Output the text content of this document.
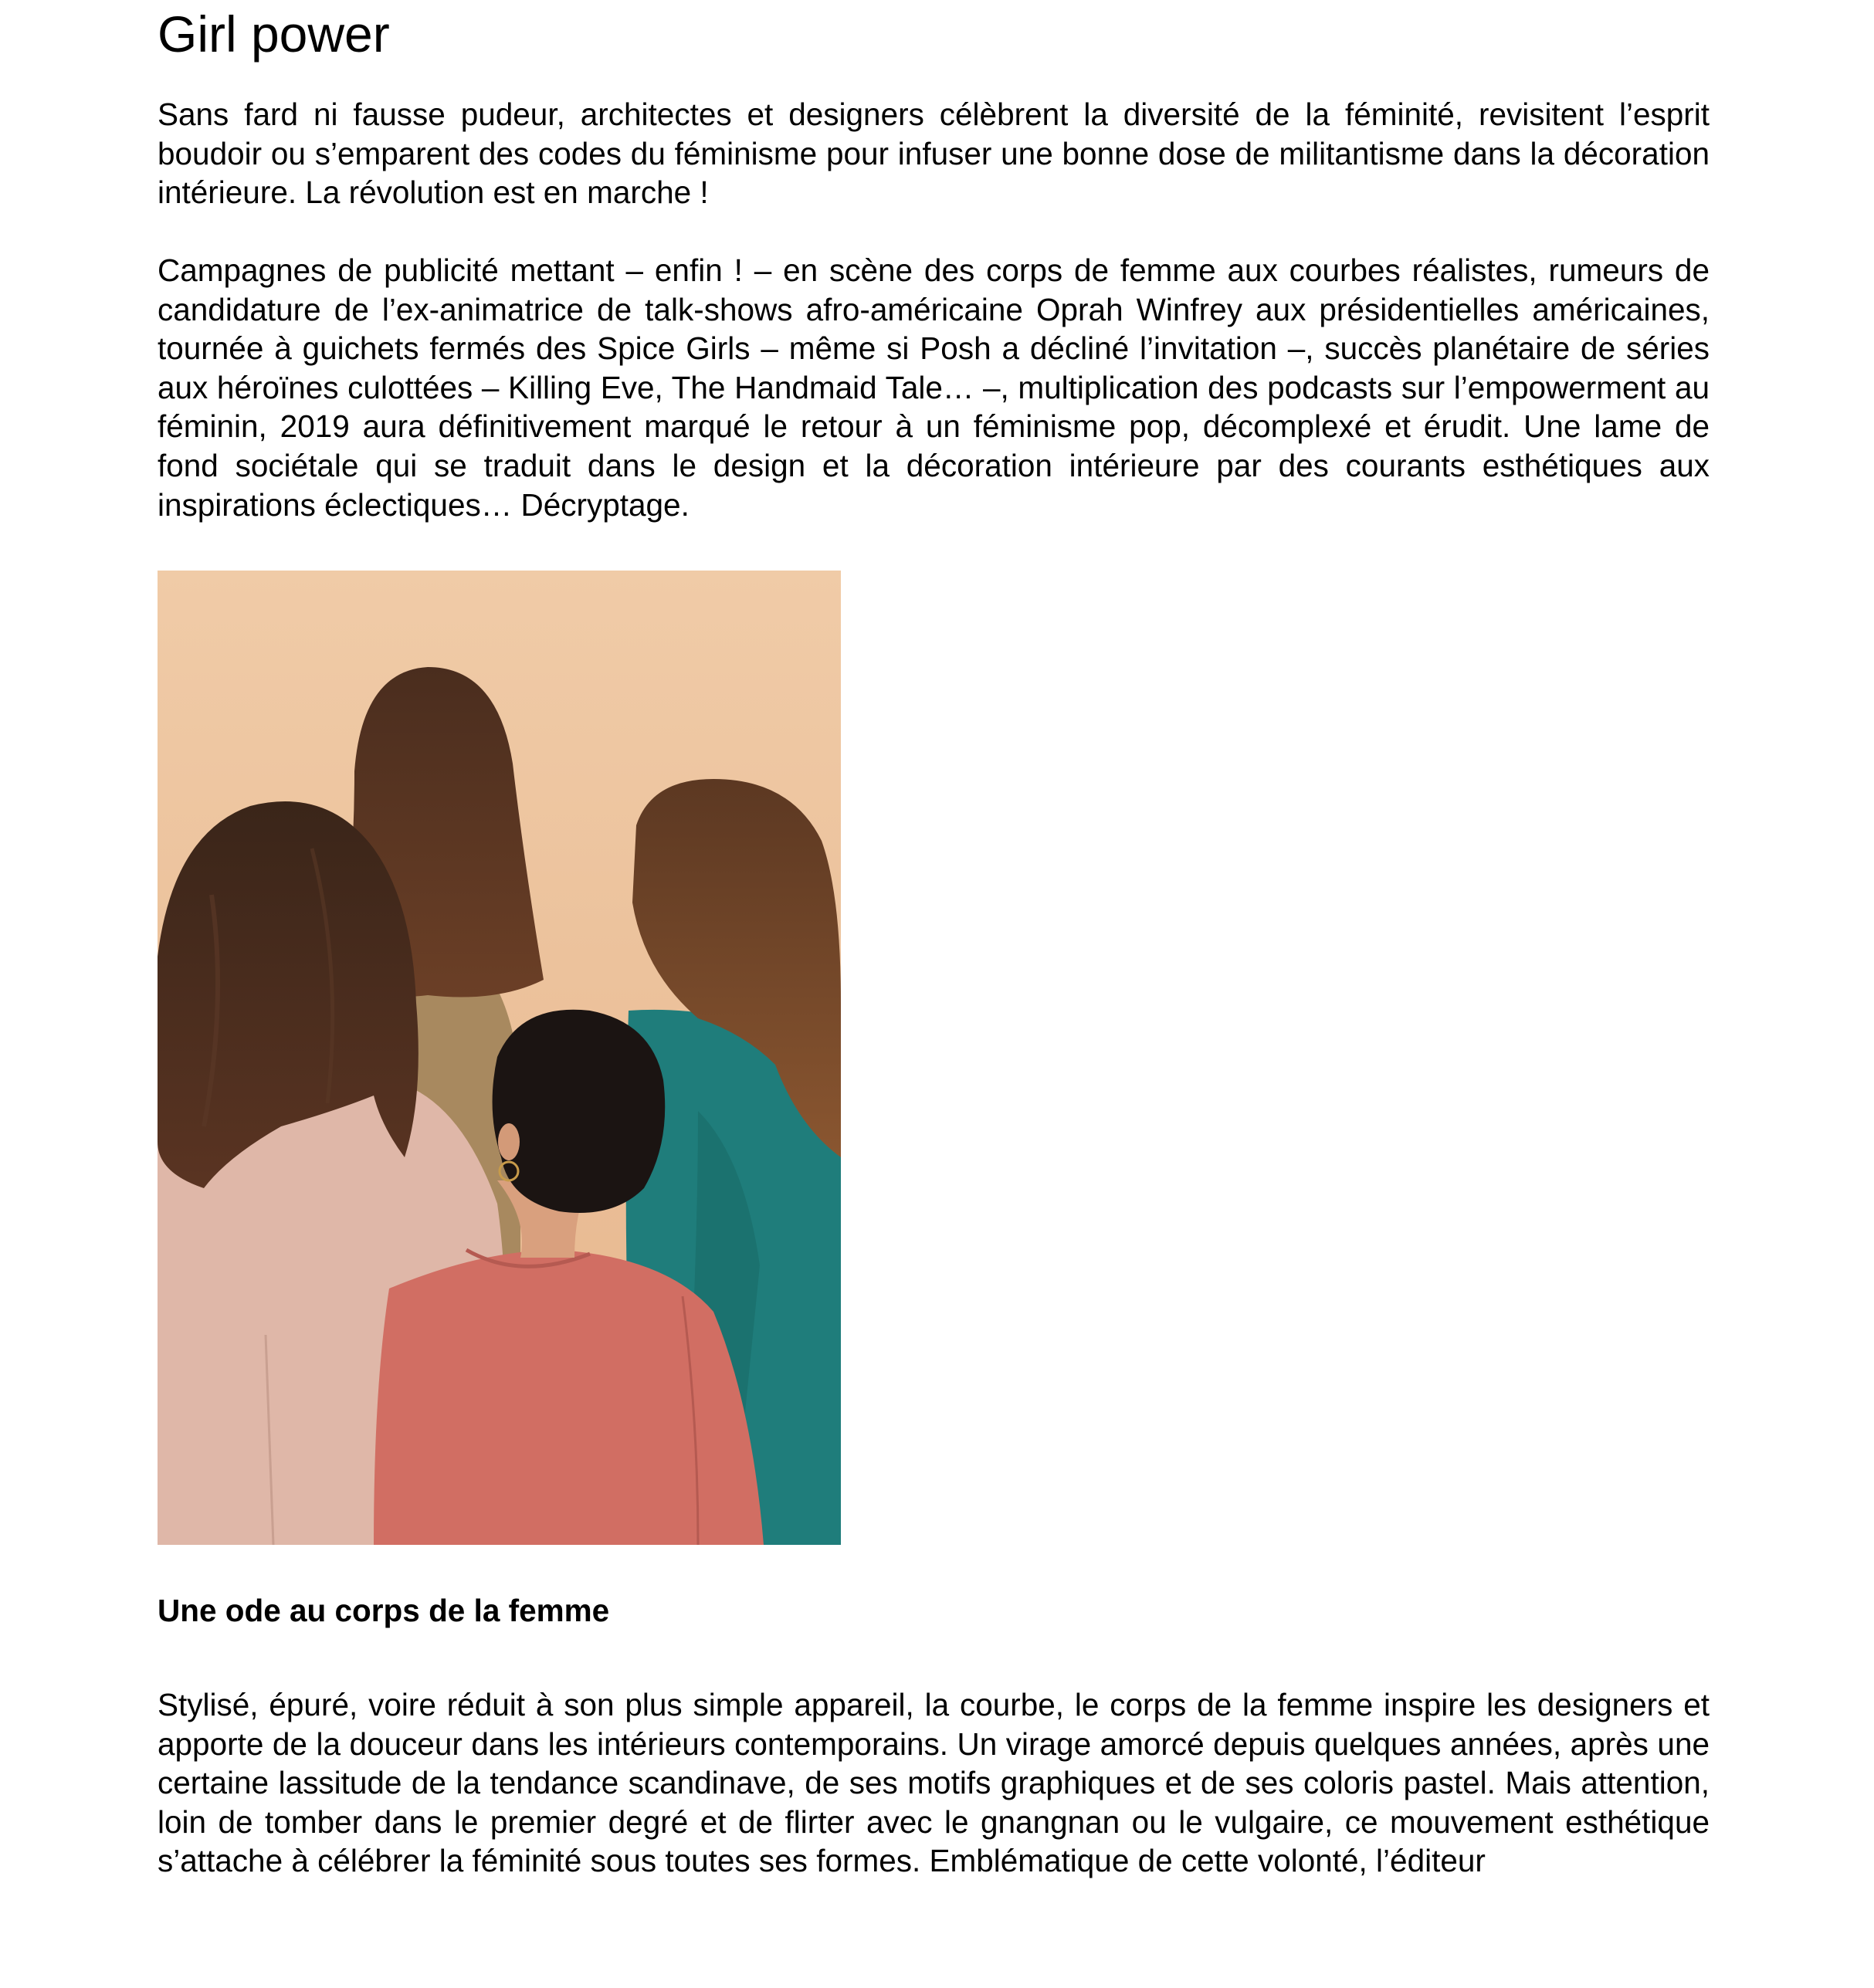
Girl power

Sans fard ni fausse pudeur, architectes et designers célèbrent la diversité de la féminité, revisitent l’esprit boudoir ou s’emparent des codes du féminisme pour infuser une bonne dose de militantisme dans la décoration intérieure. La révolution est en marche !

Campagnes de publicité mettant – enfin ! – en scène des corps de femme aux courbes réalistes, rumeurs de candidature de l’ex-animatrice de talk-shows afro-américaine Oprah Winfrey aux présidentielles américaines, tournée à guichets fermés des Spice Girls – même si Posh a décliné l’invitation –, succès planétaire de séries aux héroïnes culottées – Killing Eve, The Handmaid Tale… –, multiplication des podcasts sur l’empowerment au féminin, 2019 aura définitivement marqué le retour à un féminisme pop, décomplexé et érudit. Une lame de fond sociétale qui se traduit dans le design et la décoration intérieure par des courants esthétiques aux inspirations éclectiques… Décryptage.

Une ode au corps de la femme

Stylisé, épuré, voire réduit à son plus simple appareil, la courbe, le corps de la femme inspire les designers et apporte de la douceur dans les intérieurs contemporains. Un virage amorcé depuis quelques années, après une certaine lassitude de la tendance scandinave, de ses motifs graphiques et de ses coloris pastel. Mais attention, loin de tomber dans le premier degré et de flirter avec le gnangnan ou le vulgaire, ce mouvement esthétique s’attache à célébrer la féminité sous toutes ses formes. Emblématique de cette volonté, l’éditeur
